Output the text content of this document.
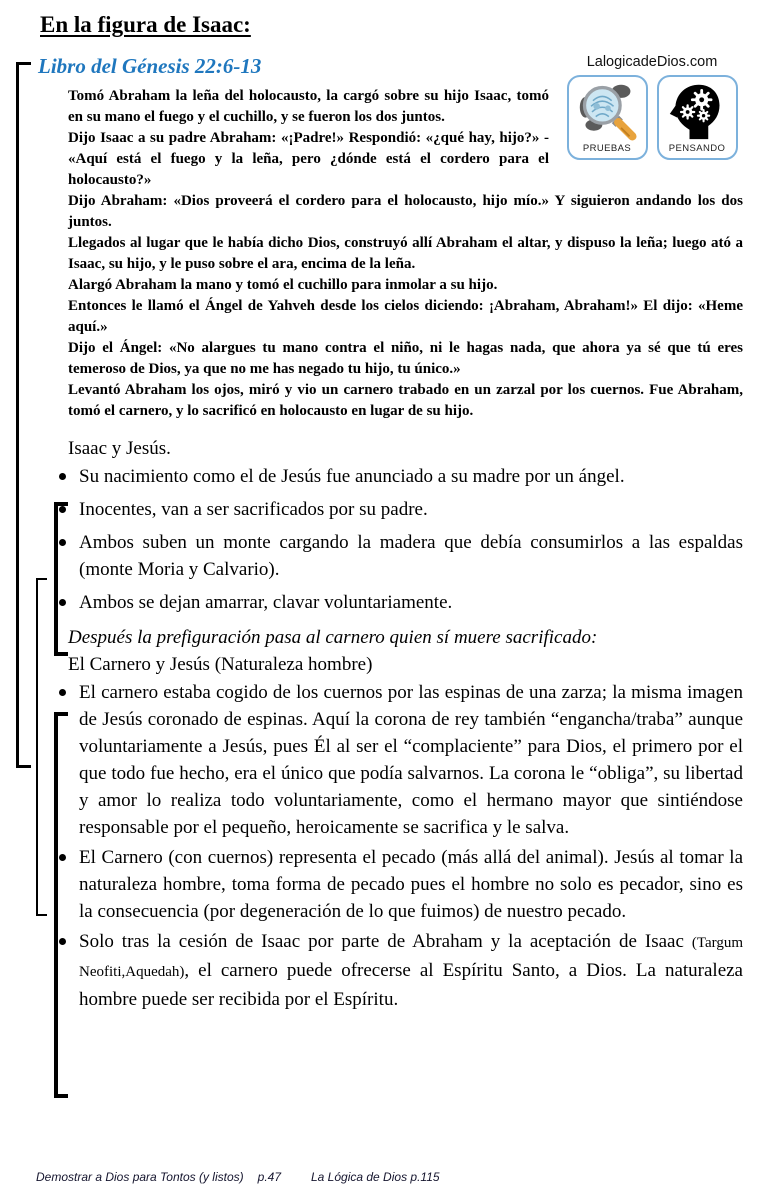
En la figura de Isaac:
LalogicadeDios.com
PRUEBAS	PENSANDO
Libro del Génesis 22:6-13

Tomó Abraham la leña del holocausto, la cargó sobre su hijo Isaac, tomó en su mano el fuego y el cuchillo, y se fueron los dos juntos.

Dijo Isaac a su padre Abraham: «¡Padre!» Respondió: «¿qué hay, hijo?» - «Aquí está el fuego y la leña, pero ¿dónde está el cordero para el holocausto?»

Dijo Abraham: «Dios proveerá el cordero para el holocausto, hijo mío.» Y siguieron andando los dos juntos.

Llegados al lugar que le había dicho Dios, construyó allí Abraham el altar, y dispuso la leña; luego ató a Isaac, su hijo, y le puso sobre el ara, encima de la leña.

Alargó Abraham la mano y tomó el cuchillo para inmolar a su hijo.

Entonces le llamó el Ángel de Yahveh desde los cielos diciendo: ¡Abraham, Abraham!» El dijo: «Heme aquí.»

Dijo el Ángel: «No alargues tu mano contra el niño, ni le hagas nada, que ahora ya sé que tú eres temeroso de Dios, ya que no me has negado tu hijo, tu único.»

Levantó Abraham los ojos, miró y vio un carnero trabado en un zarzal por los cuernos. Fue Abraham, tomó el carnero, y lo sacrificó en holocausto en lugar de su hijo.

Isaac y Jesús.
Su nacimiento como el de Jesús fue anunciado a su madre por un ángel.
Inocentes, van a ser sacrificados por su padre.
Ambos suben un monte cargando la madera que debía consumirlos a las espaldas (monte Moria y Calvario).
Ambos se dejan amarrar, clavar voluntariamente.
Después la prefiguración pasa al carnero quien sí muere sacrificado:
El Carnero y Jesús (Naturaleza hombre)
El carnero estaba cogido de los cuernos por las espinas de una zarza; la misma imagen de Jesús coronado de espinas. Aquí la corona de rey también “engancha/traba” aunque voluntariamente a Jesús, pues Él al ser el “complaciente” para Dios, el primero por el que todo fue hecho, era el único que podía salvarnos. La corona le “obliga”, su libertad y amor lo realiza todo voluntariamente, como el hermano mayor que sintiéndose responsable por el pequeño, heroicamente se sacrifica y le salva.
El Carnero (con cuernos) representa el pecado (más allá del animal). Jesús al tomar la naturaleza hombre, toma forma de pecado pues el hombre no solo es pecador, sino es la consecuencia (por degeneración de lo que fuimos) de nuestro pecado.
Solo tras la cesión de Isaac por parte de Abraham y la aceptación de Isaac (Targum Neofiti,Aquedah), el carnero puede ofrecerse al Espíritu Santo, a Dios. La naturaleza hombre puede ser recibida por el Espíritu.
Demostrar a Dios para Tontos (y listos) p.47	La Lógica de Dios p.115
